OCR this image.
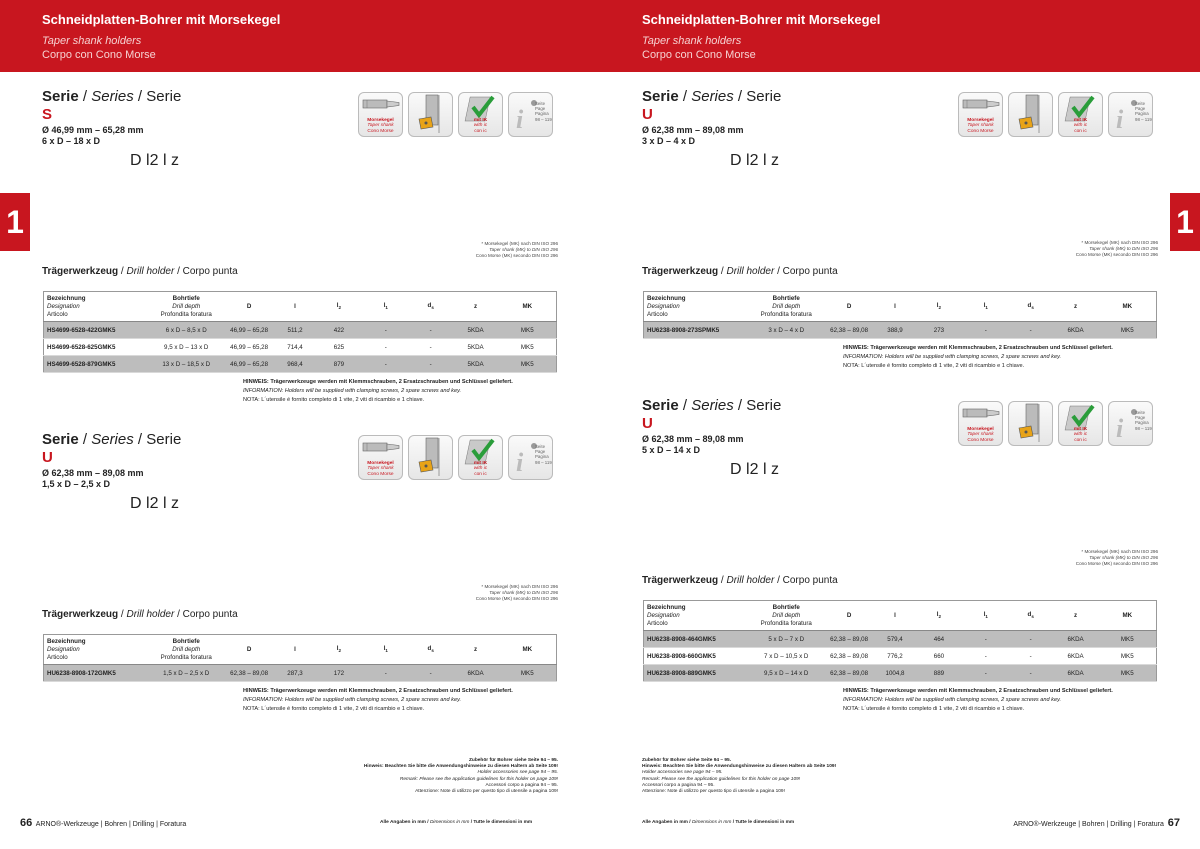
Schneidplatten-Bohrer mit Morsekegel
Taper shank holders
Corpo con Cono Morse
1
* Morsekegel (MK) nach DIN ISO 296
Taper shank (MK) to DIN ISO 296
Cono Morse (MK) secondo DIN ISO 296
* Morsekegel (MK) nach DIN ISO 296
Taper shank (MK) to DIN ISO 296
Cono Morse (MK) secondo DIN ISO 296
Zubehör für Bohrer siehe Seite 94 – 95.
Hinweis: Beachten Sie bitte die Anwendungshinweise zu diesen Haltern ab Seite 109!
Holder accessories see page 94 – 95.
Remark: Please see the application guidelines for this holder on page 109!
Accessori corpo a pagina 94 – 95.
Attenzione: Note di utilizzo per questo tipo di utensile a pagina 109!
66 ARNO®-Werkzeuge | Bohren | Drilling | Foratura	Alle Angaben in mm / Dimensions in mm / Tutte le dimensioni in mm
Serie / Series / Serie
S
Ø 46,99 mm – 65,28 mm
6 x D – 18 x D
Morsekegel
Taper shank
Cono Morse
mit IK
with ic
con ic	i
Seite
Page
Pagina
98 – 119
D l2 l z
Trägerwerkzeug / Drill holder / Corpo punta
Bezeichnung
Designation
Articolo	Bohrtiefe
Drill depth
Profondita foratura	D	l	$l_2$	$l_1$	$d_s$	z	MK
HS4699-6528-422GMK5	6 x D – 8,5 x D	46,99 – 65,28	511,2	422	-	-	5KDA	MK5
HS4699-6528-625GMK5	9,5 x D – 13 x D	46,99 – 65,28	714,4	625	-	-	5KDA	MK5
HS4699-6528-879GMK5	13 x D – 18,5 x D	46,99 – 65,28	968,4	879	-	-	5KDA	MK5
HINWEIS: Trägerwerkzeuge werden mit Klemmschrauben, 2 Ersatzschrauben und Schlüssel geliefert.
INFORMATION: Holders will be supplied with clamping screws, 2 spare screws and key.
NOTA: L´utensile é fornito completo di 1 vite, 2 viti di ricambio e 1 chiave.
Serie / Series / Serie
U
Ø 62,38 mm – 89,08 mm
1,5 x D – 2,5 x D
Morsekegel
Taper shank
Cono Morse
mit IK
with ic
con ic	i
Seite
Page
Pagina
98 – 119
D l2 l z
Trägerwerkzeug / Drill holder / Corpo punta
Bezeichnung
Designation
Articolo	Bohrtiefe
Drill depth
Profondita foratura	D	l	$l_2$	$l_1$	$d_s$	z	MK
HU6238-8908-172GMK5	1,5 x D – 2,5 x D	62,38 – 89,08	287,3	172	-	-	6KDA	MK5
HINWEIS: Trägerwerkzeuge werden mit Klemmschrauben, 2 Ersatzschrauben und Schlüssel geliefert.
INFORMATION: Holders will be supplied with clamping screws, 2 spare screws and key.
NOTA: L´utensile é fornito completo di 1 vite, 2 viti di ricambio e 1 chiave.
Schneidplatten-Bohrer mit Morsekegel
Taper shank holders
Corpo con Cono Morse
1
* Morsekegel (MK) nach DIN ISO 296
Taper shank (MK) to DIN ISO 296
Cono Morse (MK) secondo DIN ISO 296
* Morsekegel (MK) nach DIN ISO 296
Taper shank (MK) to DIN ISO 296
Cono Morse (MK) secondo DIN ISO 296
Zubehör für Bohrer siehe Seite 94 – 95.
Hinweis: Beachten Sie bitte die Anwendungshinweise zu diesen Haltern ab Seite 109!
Holder accessories see page 94 – 95.
Remark: Please see the application guidelines for this holder on page 109!
Accessori corpo a pagina 94 – 95.
Attenzione: Note di utilizzo per questo tipo di utensile a pagina 109!
Alle Angaben in mm / Dimensions in mm / Tutte le dimensioni in mm	ARNO®-Werkzeuge | Bohren | Drilling | Foratura 67
Serie / Series / Serie
U
Ø 62,38 mm – 89,08 mm
3 x D – 4 x D
Morsekegel
Taper shank
Cono Morse
mit IK
with ic
con ic	i
Seite
Page
Pagina
98 – 119
D l2 l z
Trägerwerkzeug / Drill holder / Corpo punta
Bezeichnung
Designation
Articolo	Bohrtiefe
Drill depth
Profondita foratura	D	l	$l_2$	$l_1$	$d_s$	z	MK
HU6238-8908-273SPMK5	3 x D – 4 x D	62,38 – 89,08	388,9	273	-	-	6KDA	MK5
HINWEIS: Trägerwerkzeuge werden mit Klemmschrauben, 2 Ersatzschrauben und Schlüssel geliefert.
INFORMATION: Holders will be supplied with clamping screws, 2 spare screws and key.
NOTA: L´utensile é fornito completo di 1 vite, 2 viti di ricambio e 1 chiave.
Serie / Series / Serie
U
Ø 62,38 mm – 89,08 mm
5 x D – 14 x D
Morsekegel
Taper shank
Cono Morse
mit IK
with ic
con ic	i
Seite
Page
Pagina
98 – 119
D l2 l z
Trägerwerkzeug / Drill holder / Corpo punta
Bezeichnung
Designation
Articolo	Bohrtiefe
Drill depth
Profondita foratura	D	l	$l_2$	$l_1$	$d_s$	z	MK
HU6238-8908-464GMK5	5 x D – 7 x D	62,38 – 89,08	579,4	464	-	-	6KDA	MK5
HU6238-8908-660GMK5	7 x D – 10,5 x D	62,38 – 89,08	776,2	660	-	-	6KDA	MK5
HU6238-8908-889GMK5	9,5 x D – 14 x D	62,38 – 89,08	1004,8	889	-	-	6KDA	MK5
HINWEIS: Trägerwerkzeuge werden mit Klemmschrauben, 2 Ersatzschrauben und Schlüssel geliefert.
INFORMATION: Holders will be supplied with clamping screws, 2 spare screws and key.
NOTA: L´utensile é fornito completo di 1 vite, 2 viti di ricambio e 1 chiave.
